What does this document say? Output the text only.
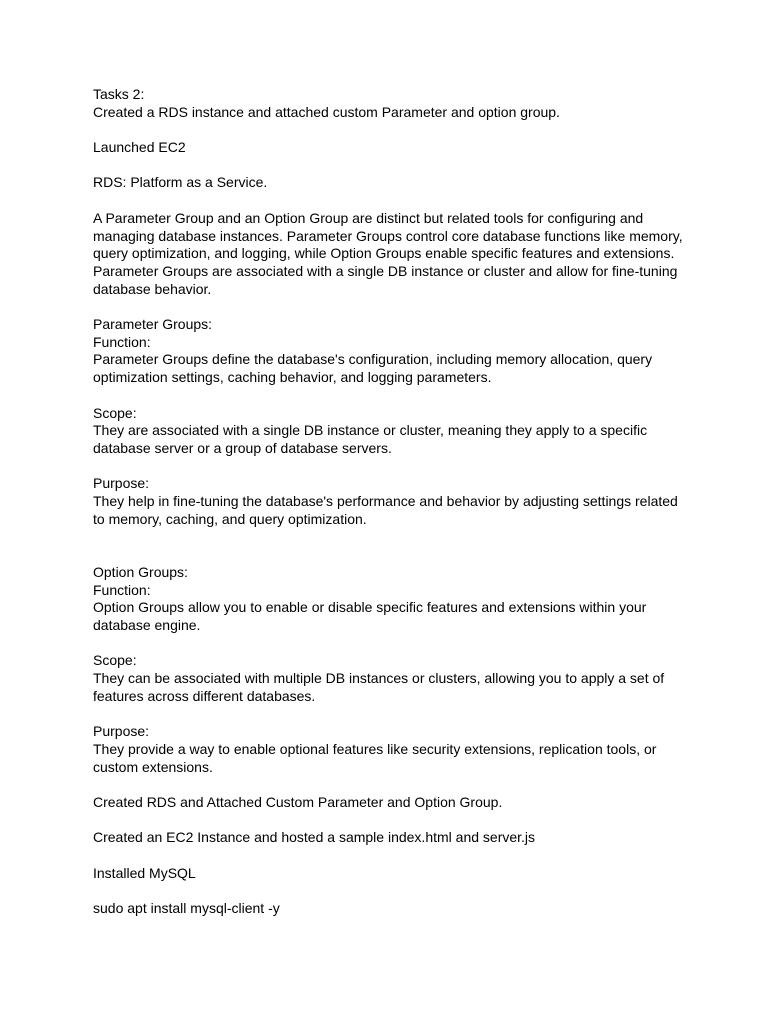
Tasks 2:
Created a RDS instance and attached custom Parameter and option group.
Launched EC2
RDS: Platform as a Service.

A Parameter Group and an Option Group are distinct but related tools for configuring and managing database instances. Parameter Groups control core database functions like memory, query optimization, and logging, while Option Groups enable specific features and extensions. Parameter Groups are associated with a single DB instance or cluster and allow for fine-tuning database behavior.

Parameter Groups:
Function:

Parameter Groups define the database's configuration, including memory allocation, query optimization settings, caching behavior, and logging parameters.

Scope:

They are associated with a single DB instance or cluster, meaning they apply to a specific database server or a group of database servers.

Purpose:

They help in fine-tuning the database's performance and behavior by adjusting settings related to memory, caching, and query optimization.

Option Groups:
Function:

Option Groups allow you to enable or disable specific features and extensions within your database engine.

Scope:

They can be associated with multiple DB instances or clusters, allowing you to apply a set of features across different databases.

Purpose:

They provide a way to enable optional features like security extensions, replication tools, or custom extensions.

Created RDS and Attached Custom Parameter and Option Group.
Created an EC2 Instance and hosted a sample index.html and server.js
Installed MySQL
sudo apt install mysql-client -y
